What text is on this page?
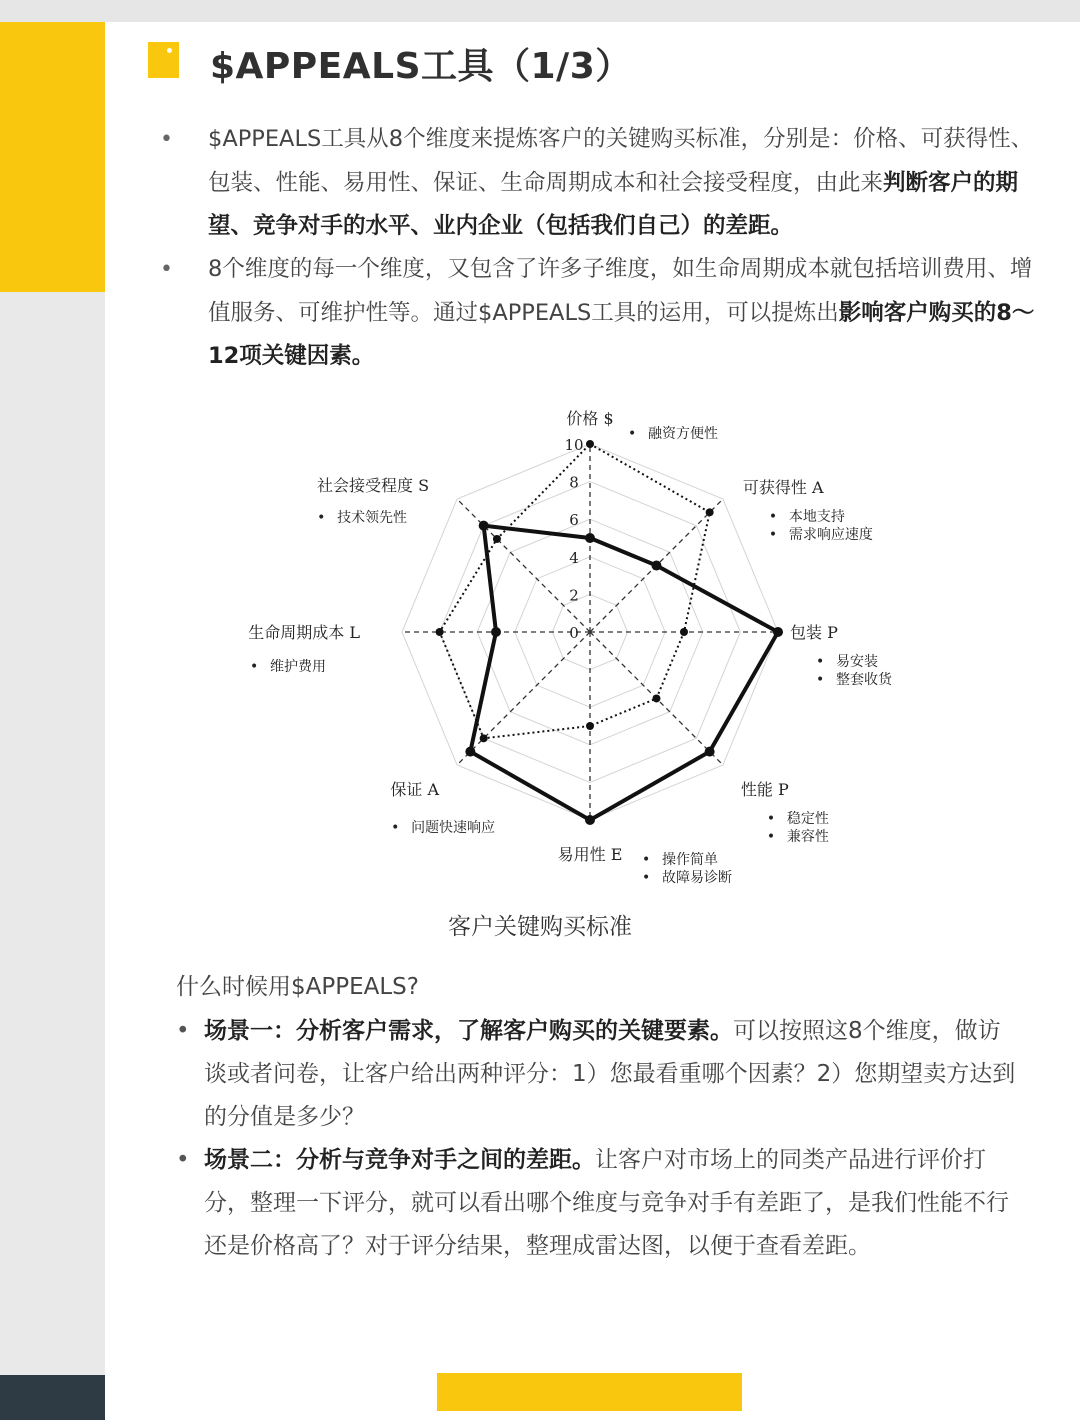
$APPEALS工具（1/3）
• $APPEALS工具从8个维度来提炼客户的关键购买标准，分别是：价格、可获得性、包装、性能、易用性、保证、生命周期成本和社会接受程度，由此来判断客户的期望、竞争对手的水平、业内企业（包括我们自己）的差距。
• 8个维度的每一个维度，又包含了许多子维度，如生命周期成本就包括培训费用、增值服务、可维护性等。通过$APPEALS工具的运用，可以提炼出影响客户购买的8～12项关键因素。
0
2
4
6
8
10
价格 $
• 融资方便性
可获得性 A
• 本地支持
• 需求响应速度
包装 P
• 易安装
• 整套收货
性能 P
• 稳定性
• 兼容性
易用性 E • 操作简单
• 故障易诊断
保证 A
• 问题快速响应
生命周期成本 L
• 维护费用
社会接受程度 S
• 技术领先性
客户关键购买标准
什么时候用$APPEALS?
• 场景一：分析客户需求，了解客户购买的关键要素。可以按照这8个维度，做访谈或者问卷，让客户给出两种评分：1）您最看重哪个因素？2）您期望卖方达到的分值是多少？
• 场景二：分析与竞争对手之间的差距。让客户对市场上的同类产品进行评价打分，整理一下评分，就可以看出哪个维度与竞争对手有差距了，是我们性能不行还是价格高了？对于评分结果，整理成雷达图，以便于查看差距。
